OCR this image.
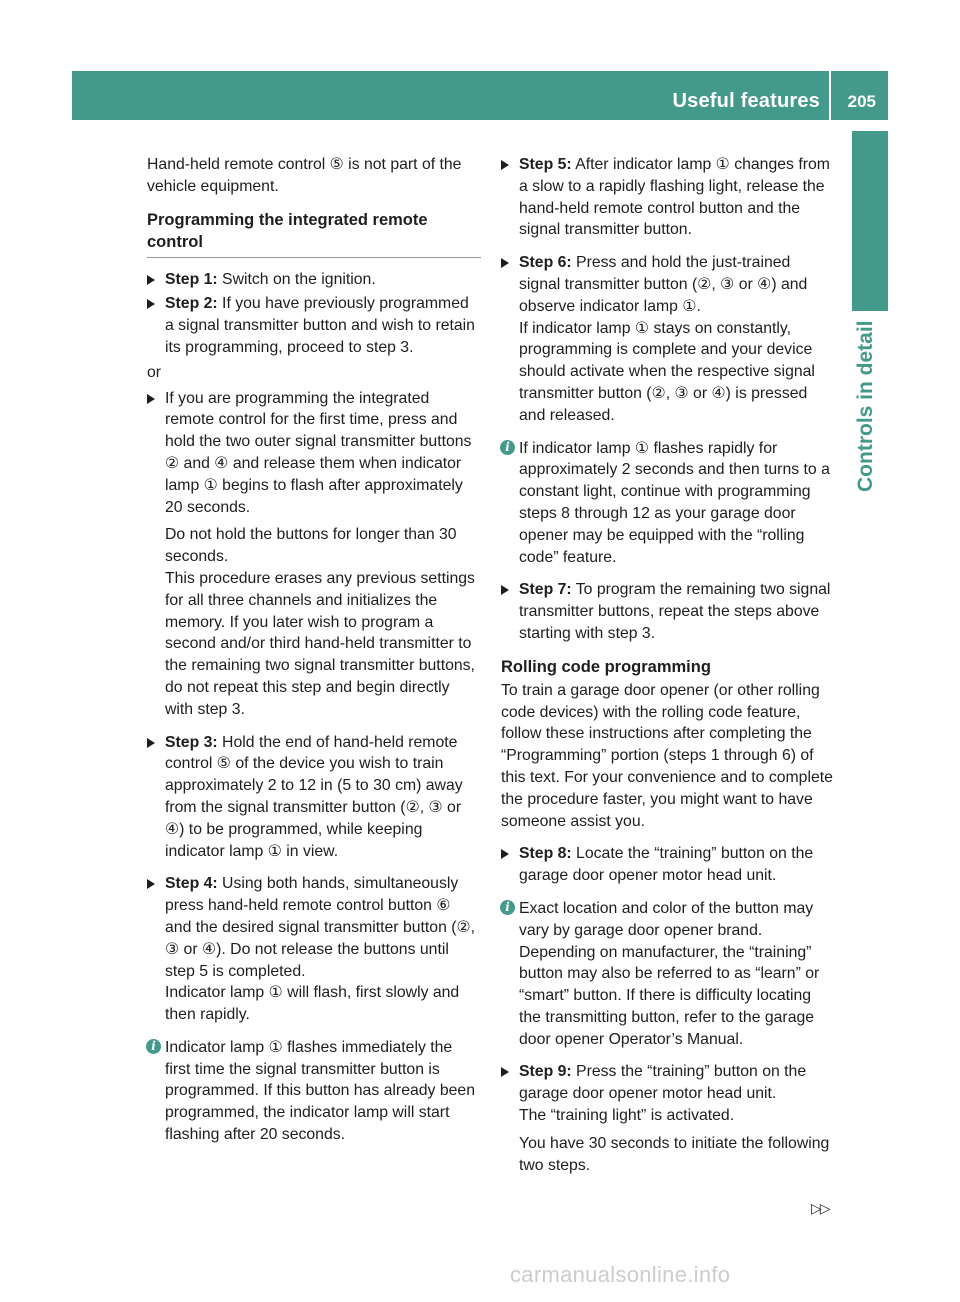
Useful features 205
Controls in detail

Hand-held remote control ⑤ is not part of the vehicle equipment.

Programming the integrated remote control

Step 1: Switch on the ignition.

Step 2: If you have previously programmed a signal transmitter button and wish to retain its programming, proceed to step 3.

or

If you are programming the integrated remote control for the first time, press and hold the two outer signal transmitter buttons ② and ④ and release them when indicator lamp ① begins to flash after approximately 20 seconds.

Do not hold the buttons for longer than 30 seconds.

This procedure erases any previous settings for all three channels and initializes the memory. If you later wish to program a second and/or third hand-held transmitter to the remaining two signal transmitter buttons, do not repeat this step and begin directly with step 3.

Step 3: Hold the end of hand-held remote control ⑤ of the device you wish to train approximately 2 to 12 in (5 to 30 cm) away from the signal transmitter button (②, ③ or ④) to be programmed, while keeping indicator lamp ① in view.

Step 4: Using both hands, simultaneously press hand-held remote control button ⑥ and the desired signal transmitter button (②, ③ or ④). Do not release the buttons until step 5 is completed.

Indicator lamp ① will flash, first slowly and then rapidly.

i Indicator lamp ① flashes immediately the first time the signal transmitter button is programmed. If this button has already been programmed, the indicator lamp will start flashing after 20 seconds.

Step 5: After indicator lamp ① changes from a slow to a rapidly flashing light, release the hand-held remote control button and the signal transmitter button.

Step 6: Press and hold the just-trained signal transmitter button (②, ③ or ④) and observe indicator lamp ①.

If indicator lamp ① stays on constantly, programming is complete and your device should activate when the respective signal transmitter button (②, ③ or ④) is pressed and released.

i If indicator lamp ① flashes rapidly for approximately 2 seconds and then turns to a constant light, continue with programming steps 8 through 12 as your garage door opener may be equipped with the “rolling code” feature.

Step 7: To program the remaining two signal transmitter buttons, repeat the steps above starting with step 3.

Rolling code programming

To train a garage door opener (or other rolling code devices) with the rolling code feature, follow these instructions after completing the “Programming” portion (steps 1 through 6) of this text. For your convenience and to complete the procedure faster, you might want to have someone assist you.

Step 8: Locate the “training” button on the garage door opener motor head unit.

i Exact location and color of the button may vary by garage door opener brand. Depending on manufacturer, the “training” button may also be referred to as “learn” or “smart” button. If there is difficulty locating the transmitting button, refer to the garage door opener Operator’s Manual.

Step 9: Press the “training” button on the garage door opener motor head unit.

The “training light” is activated.

You have 30 seconds to initiate the following two steps.

▷▷
carmanualsonline.info
